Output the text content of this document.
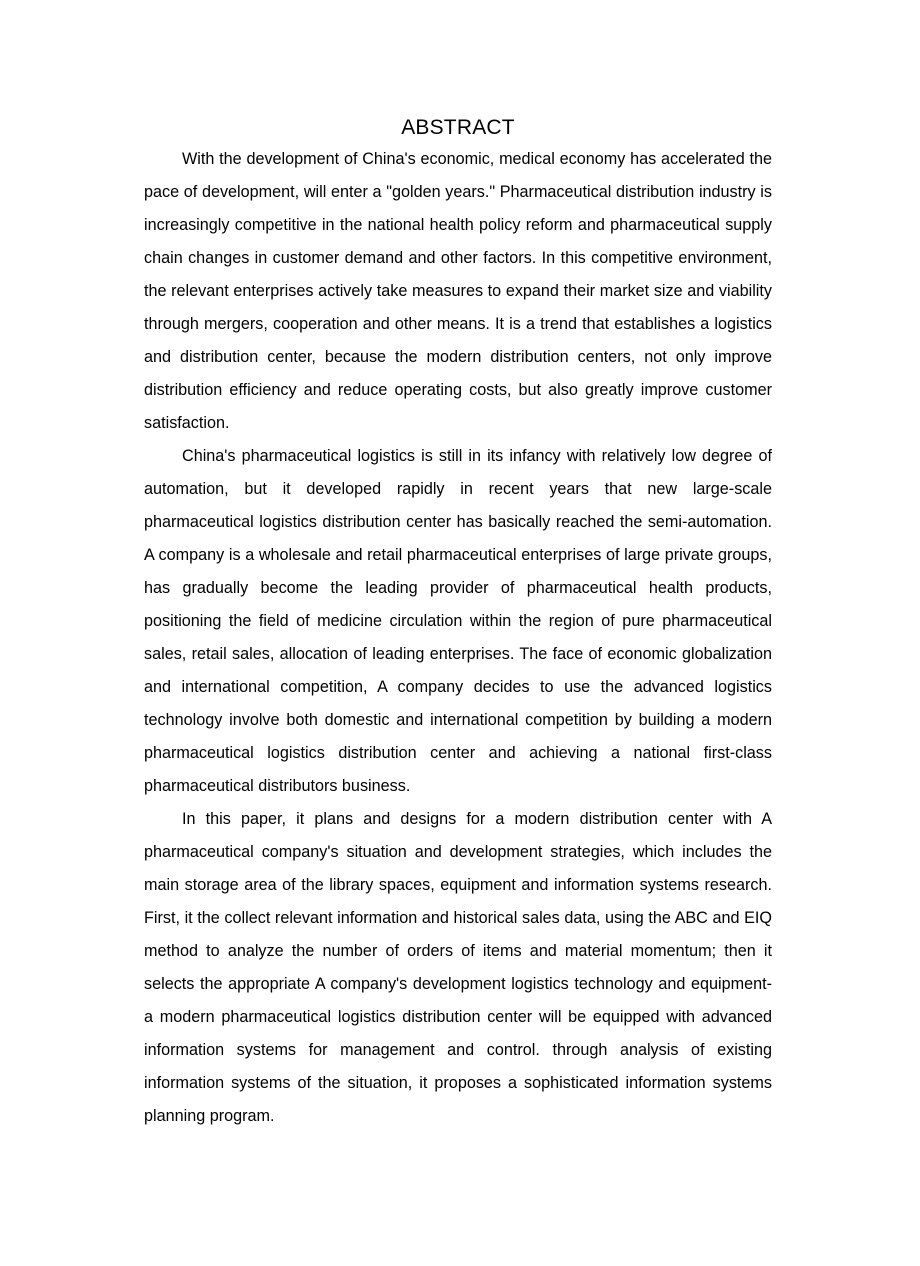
ABSTRACT

With the development of China's economic, medical economy has accelerated the pace of development, will enter a "golden years." Pharmaceutical distribution industry is increasingly competitive in the national health policy reform and pharmaceutical supply chain changes in customer demand and other factors. In this competitive environment, the relevant enterprises actively take measures to expand their market size and viability through mergers, cooperation and other means. It is a trend that establishes a logistics and distribution center, because the modern distribution centers, not only improve distribution efficiency and reduce operating costs, but also greatly improve customer satisfaction.

China's pharmaceutical logistics is still in its infancy with relatively low degree of automation, but it developed rapidly in recent years that new large-scale pharmaceutical logistics distribution center has basically reached the semi-automation. A company is a wholesale and retail pharmaceutical enterprises of large private groups, has gradually become the leading provider of pharmaceutical health products, positioning the field of medicine circulation within the region of pure pharmaceutical sales, retail sales, allocation of leading enterprises. The face of economic globalization and international competition, A company decides to use the advanced logistics technology involve both domestic and international competition by building a modern pharmaceutical logistics distribution center and achieving a national first-class pharmaceutical distributors business.

In this paper, it plans and designs for a modern distribution center with A pharmaceutical company's situation and development strategies, which includes the main storage area of the library spaces, equipment and information systems research. First, it the collect relevant information and historical sales data, using the ABC and EIQ method to analyze the number of orders of items and material momentum; then it selects the appropriate A company's development logistics technology and equipment- a modern pharmaceutical logistics distribution center will be equipped with advanced information systems for management and control. through analysis of existing information systems of the situation, it proposes a sophisticated information systems planning program.
